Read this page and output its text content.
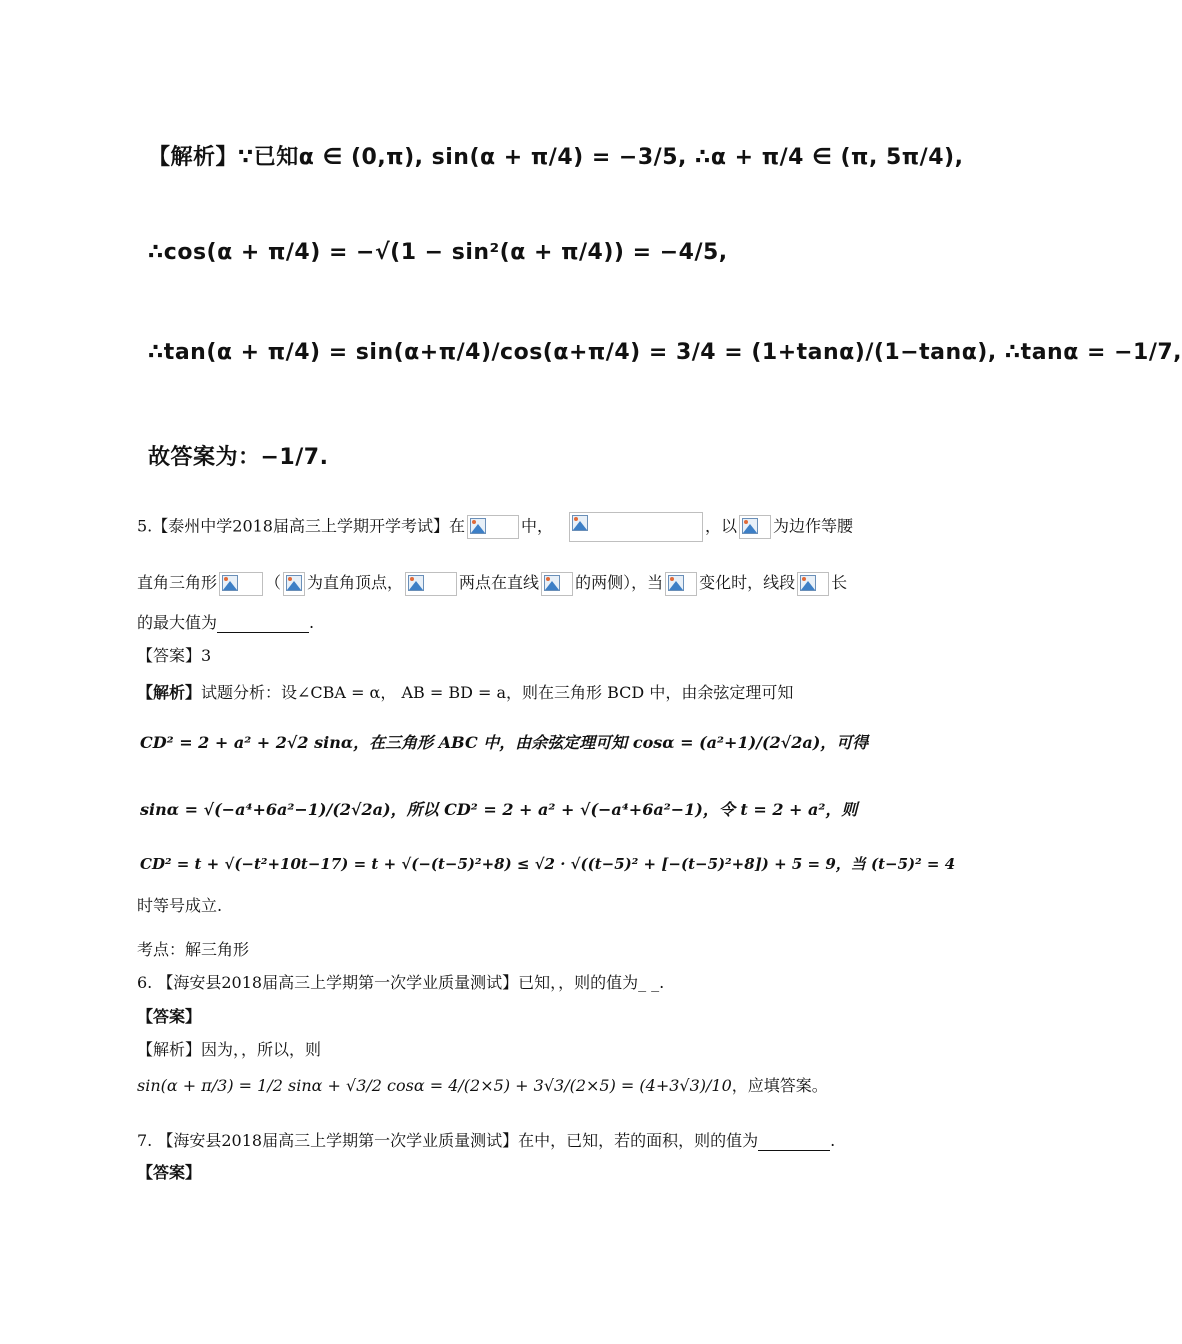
【解析】∵已知α ∈ (0,π), sin(α + π/4) = −3/5, ∴α + π/4 ∈ (π, 5π/4),
∴cos(α + π/4) = −√(1 − sin²(α + π/4)) = −4/5,
∴tan(α + π/4) = sin(α+π/4)/cos(α+π/4) = 3/4 = (1+tanα)/(1−tanα), ∴tanα = −1/7,
故答案为：−1/7.
5.【泰州中学2018届高三上学期开学考试】在	中，	，以 为边作等腰
直角三角形	（ 为直角顶点，	两点在直线 的两侧），当 变化时，线段 长
的最大值为	.
【答案】3
【解析】试题分析：设∠CBA = α， AB = BD = a，则在三角形 BCD 中，由余弦定理可知
CD² = 2 + a² + 2√2 sinα，在三角形 ABC 中，由余弦定理可知 cosα = (a²+1)/(2√2a)，可得
sinα = √(−a⁴+6a²−1)/(2√2a)，所以 CD² = 2 + a² + √(−a⁴+6a²−1)，令 t = 2 + a²，则
CD² = t + √(−t²+10t−17) = t + √(−(t−5)²+8) ≤ √2 · √((t−5)² + [−(t−5)²+8]) + 5 = 9，当 (t−5)² = 4
时等号成立.
考点：解三角形
6. 【海安县2018届高三上学期第一次学业质量测试】已知，，则的值为_ _.
【答案】
【解析】因为，，所以，则
sin(α + π/3) = 1/2 sinα + √3/2 cosα = 4/(2×5) + 3√3/(2×5) = (4+3√3)/10，应填答案。
7. 【海安县2018届高三上学期第一次学业质量测试】在中，已知，若的面积，则的值为	.
【答案】
